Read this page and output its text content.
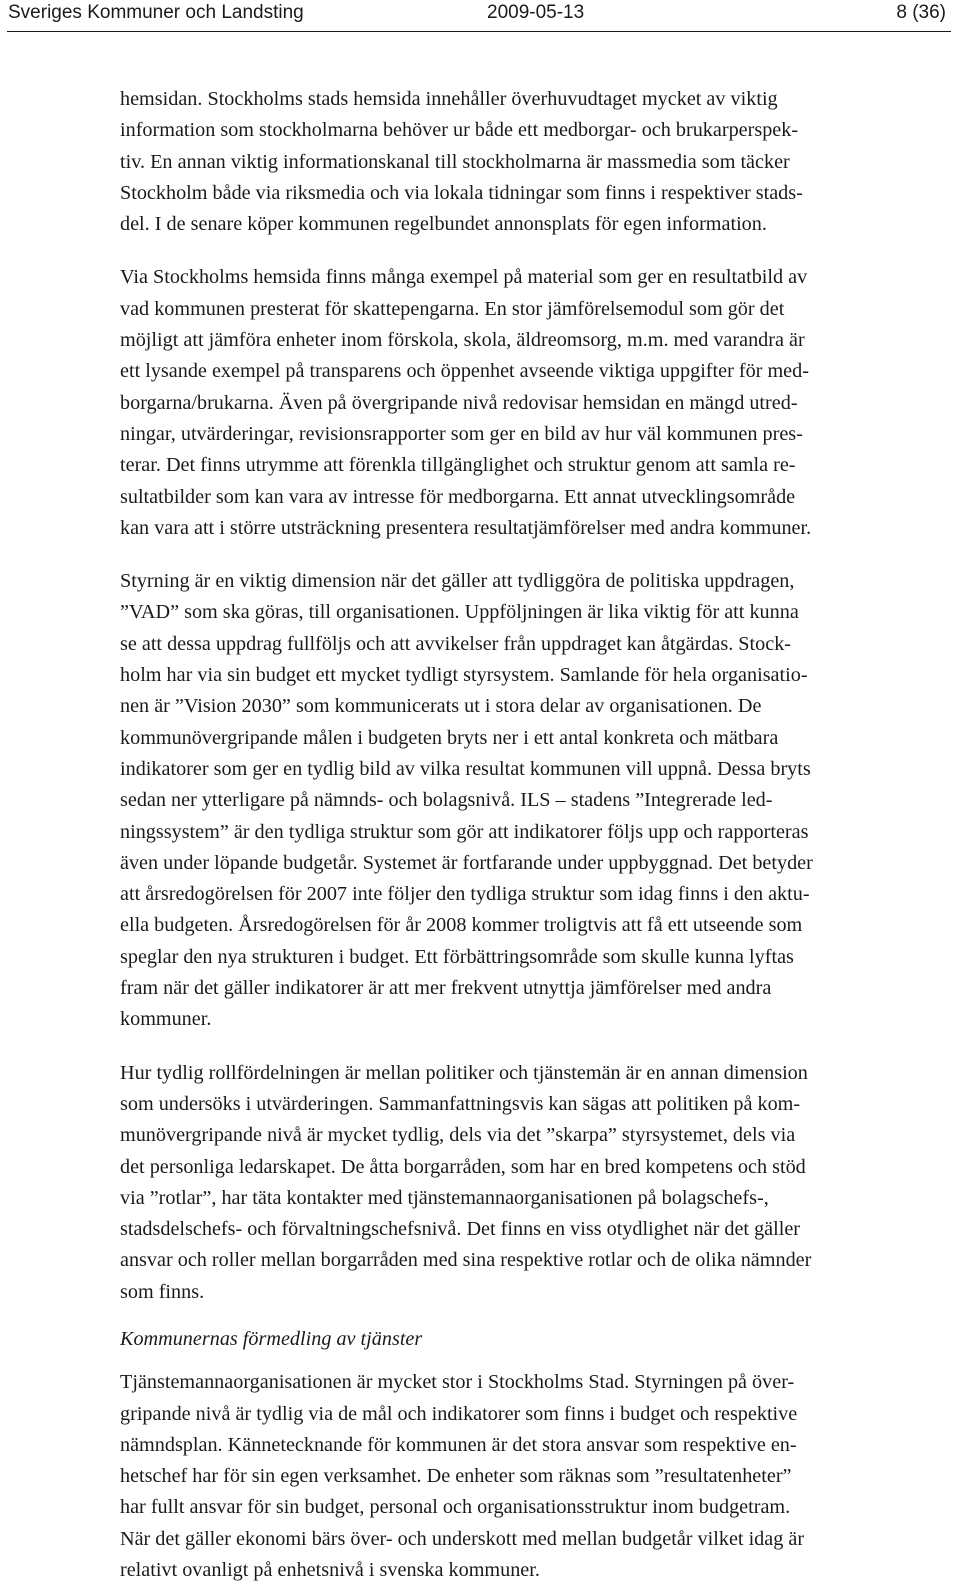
Sveriges Kommuner och Landsting	2009-05-13	8 (36)
hemsidan. Stockholms stads hemsida innehåller överhuvudtaget mycket av viktig
information som stockholmarna behöver ur både ett medborgar- och brukarperspek-
tiv. En annan viktig informationskanal till stockholmarna är massmedia som täcker
Stockholm både via riksmedia och via lokala tidningar som finns i respektiver stads-
del. I de senare köper kommunen regelbundet annonsplats för egen information.
Via Stockholms hemsida finns många exempel på material som ger en resultatbild av
vad kommunen presterat för skattepengarna. En stor jämförelsemodul som gör det
möjligt att jämföra enheter inom förskola, skola, äldreomsorg, m.m. med varandra är
ett lysande exempel på transparens och öppenhet avseende viktiga uppgifter för med-
borgarna/brukarna. Även på övergripande nivå redovisar hemsidan en mängd utred-
ningar, utvärderingar, revisionsrapporter som ger en bild av hur väl kommunen pres-
terar. Det finns utrymme att förenkla tillgänglighet och struktur genom att samla re-
sultatbilder som kan vara av intresse för medborgarna. Ett annat utvecklingsområde
kan vara att i större utsträckning presentera resultatjämförelser med andra kommuner.
Styrning är en viktig dimension när det gäller att tydliggöra de politiska uppdragen,
”VAD” som ska göras, till organisationen. Uppföljningen är lika viktig för att kunna
se att dessa uppdrag fullföljs och att avvikelser från uppdraget kan åtgärdas. Stock-
holm har via sin budget ett mycket tydligt styrsystem. Samlande för hela organisatio-
nen är ”Vision 2030” som kommunicerats ut i stora delar av organisationen. De
kommunövergripande målen i budgeten bryts ner i ett antal konkreta och mätbara
indikatorer som ger en tydlig bild av vilka resultat kommunen vill uppnå. Dessa bryts
sedan ner ytterligare på nämnds- och bolagsnivå. ILS – stadens ”Integrerade led-
ningssystem” är den tydliga struktur som gör att indikatorer följs upp och rapporteras
även under löpande budgetår. Systemet är fortfarande under uppbyggnad. Det betyder
att årsredogörelsen för 2007 inte följer den tydliga struktur som idag finns i den aktu-
ella budgeten. Årsredogörelsen för år 2008 kommer troligtvis att få ett utseende som
speglar den nya strukturen i budget. Ett förbättringsområde som skulle kunna lyftas
fram när det gäller indikatorer är att mer frekvent utnyttja jämförelser med andra
kommuner.
Hur tydlig rollfördelningen är mellan politiker och tjänstemän är en annan dimension
som undersöks i utvärderingen. Sammanfattningsvis kan sägas att politiken på kom-
munövergripande nivå är mycket tydlig, dels via det ”skarpa” styrsystemet, dels via
det personliga ledarskapet. De åtta borgarråden, som har en bred kompetens och stöd
via ”rotlar”, har täta kontakter med tjänstemannaorganisationen på bolagschefs-,
stadsdelschefs- och förvaltningschefsnivå. Det finns en viss otydlighet när det gäller
ansvar och roller mellan borgarråden med sina respektive rotlar och de olika nämnder
som finns.
Kommunernas förmedling av tjänster
Tjänstemannaorganisationen är mycket stor i Stockholms Stad. Styrningen på över-
gripande nivå är tydlig via de mål och indikatorer som finns i budget och respektive
nämndsplan. Kännetecknande för kommunen är det stora ansvar som respektive en-
hetschef har för sin egen verksamhet. De enheter som räknas som ”resultatenheter”
har fullt ansvar för sin budget, personal och organisationsstruktur inom budgetram.
När det gäller ekonomi bärs över- och underskott med mellan budgetår vilket idag är
relativt ovanligt på enhetsnivå i svenska kommuner.
